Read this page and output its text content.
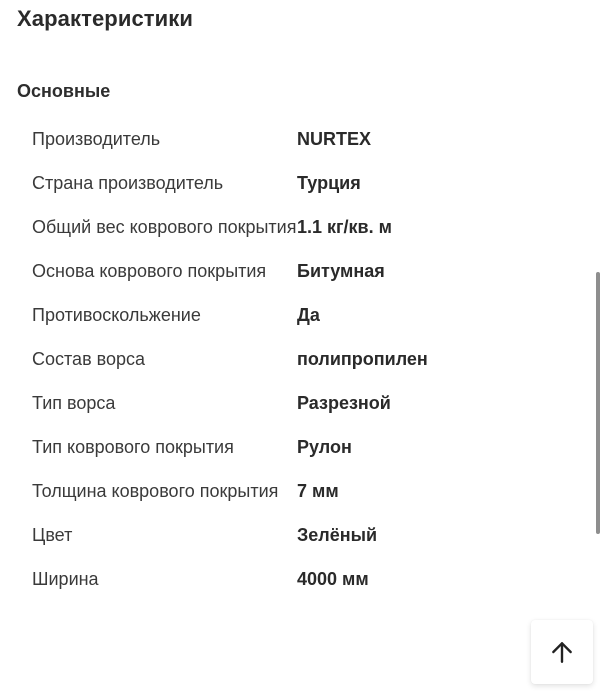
Характеристики
Основные
Производитель	NURTEX
Страна производитель	Турция
Общий вес коврового покрытия 1.1 кг/кв. м
Основа коврового покрытия	Битумная
Противоскольжение	Да
Состав ворса	полипропилен
Тип ворса	Разрезной
Тип коврового покрытия	Рулон
Толщина коврового покрытия	7 мм
Цвет	Зелёный
Ширина	4000 мм
